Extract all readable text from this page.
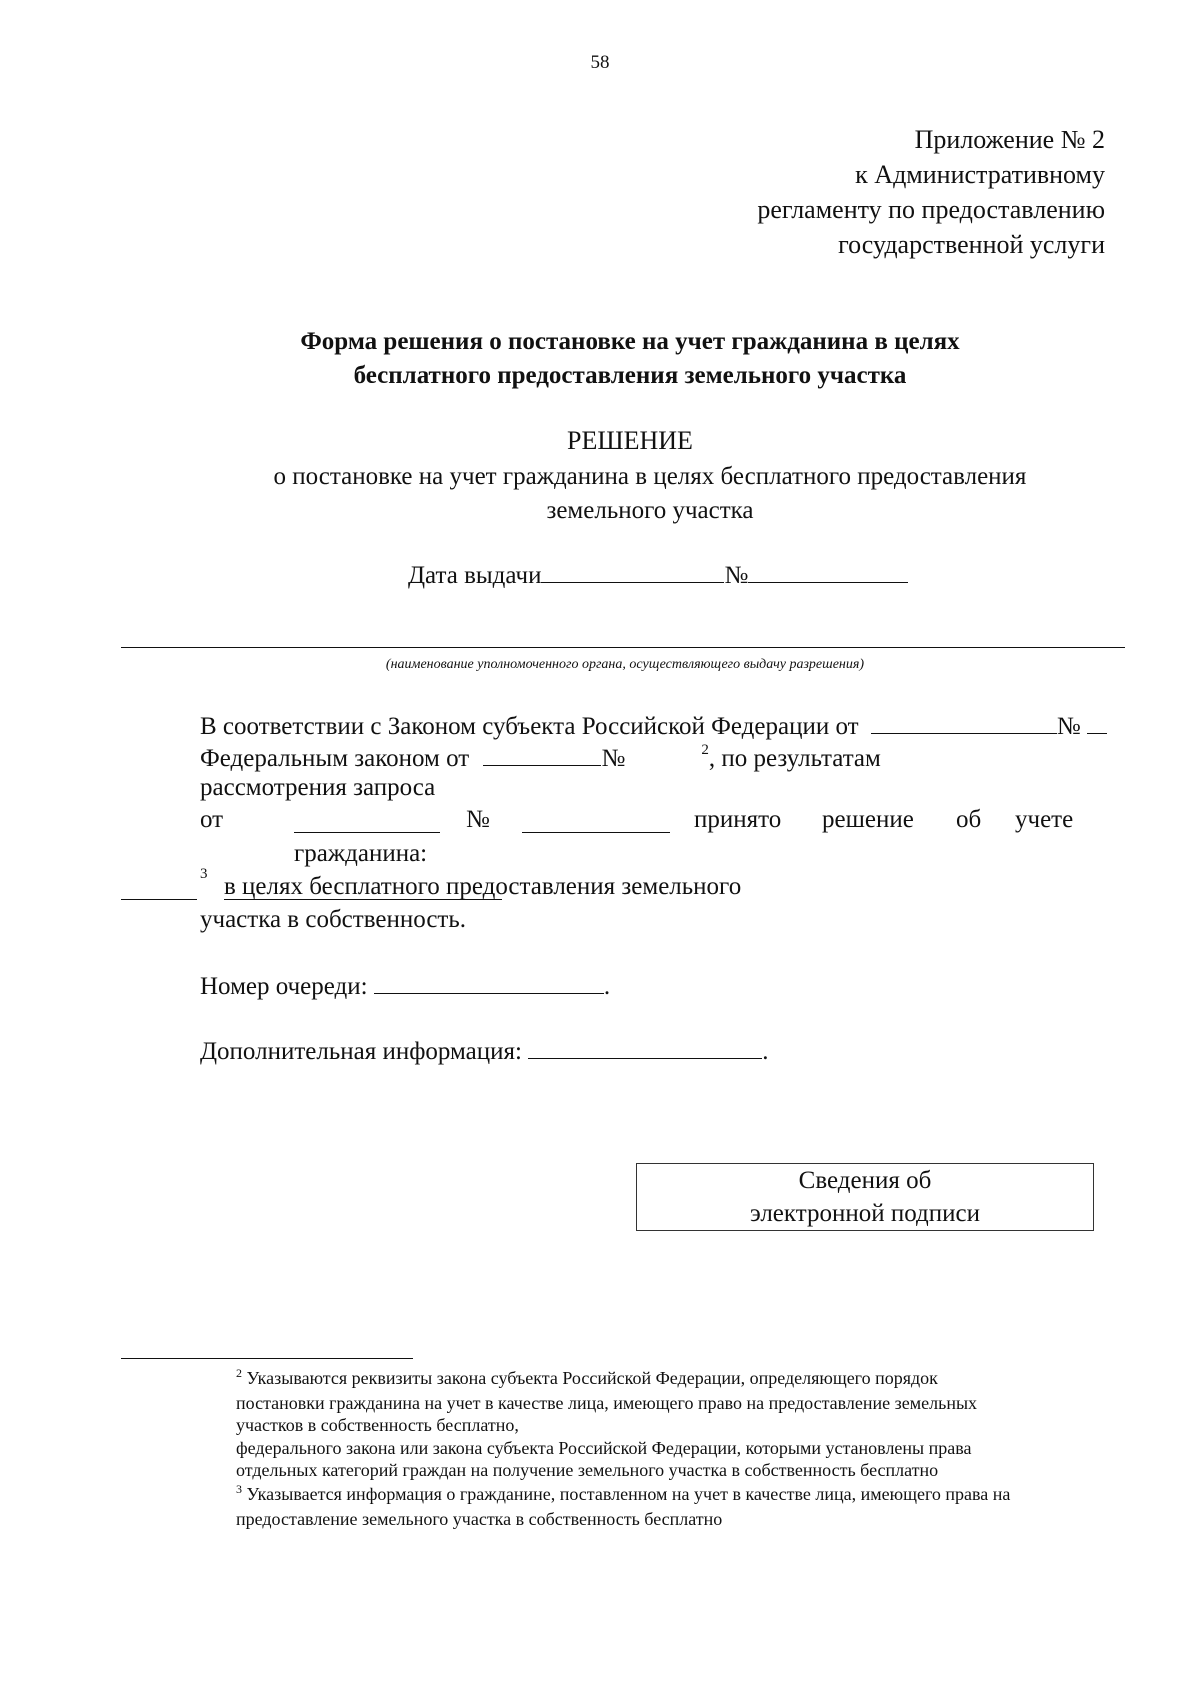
58
Приложение № 2
к Административному
регламенту по предоставлению
государственной услуги
Форма решения о постановке на учет гражданина в целях
бесплатного предоставления земельного участка
РЕШЕНИЕ
о постановке на учет гражданина в целях бесплатного предоставления
земельного участка
Дата выдачи	№
(наименование уполномоченного органа, осуществляющего выдачу разрешения)
В соответствии с Законом субъекта Российской Федерации от	№
Федеральным законом от	№	$^2$, по результатам
рассмотрения запроса
от	№	принято решение об учете
гражданина:
3 в целях бесплатного предоставления земельного
участка в собственность.
Номер очереди:	.
Дополнительная информация:	.
Сведения об
электронной подписи
$^2$ Указываются реквизиты закона субъекта Российской Федерации, определяющего порядок
постановки гражданина на учет в качестве лица, имеющего право на предоставление земельных
участков в собственность бесплатно,
федерального закона или закона субъекта Российской Федерации, которыми установлены права
отдельных категорий граждан на получение земельного участка в собственность бесплатно
$^3$ Указывается информация о гражданине, поставленном на учет в качестве лица, имеющего права на
предоставление земельного участка в собственность бесплатно
